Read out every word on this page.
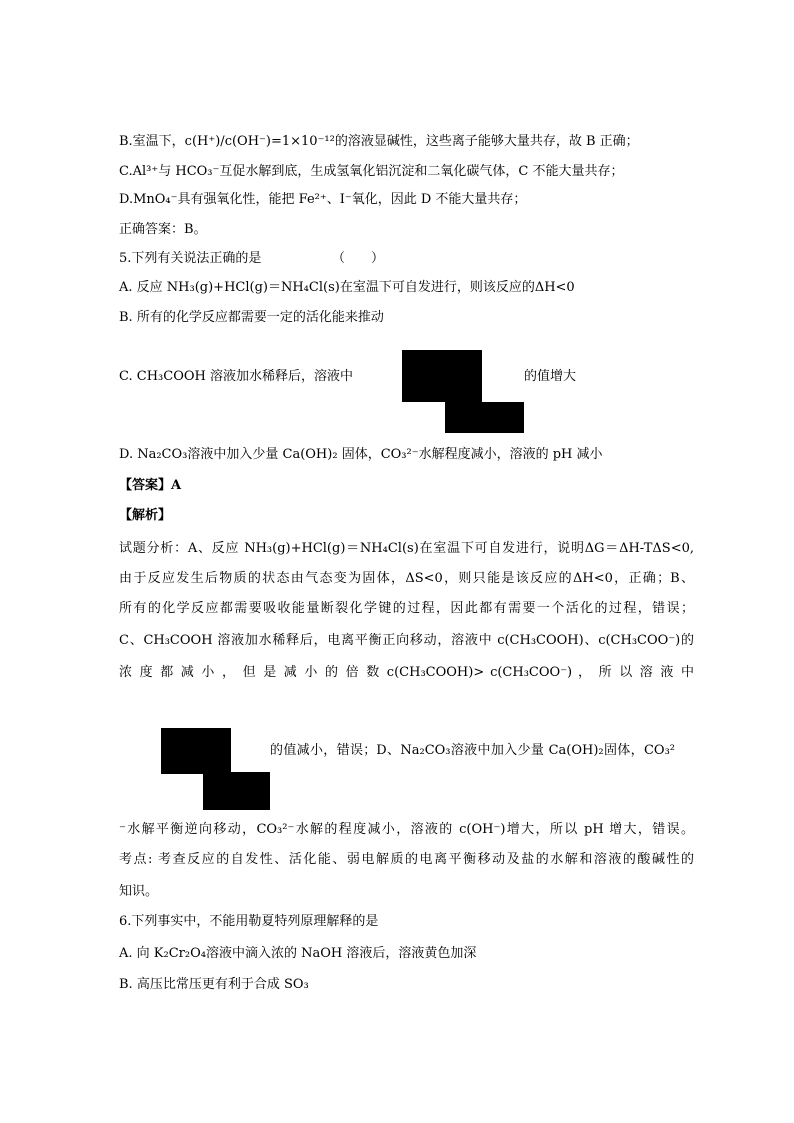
B.室温下，c(H⁺)/c(OH⁻)=1×10⁻¹²的溶液显碱性，这些离子能够大量共存，故 B 正确；
C.Al³⁺与 HCO₃⁻互促水解到底，生成氢氧化铝沉淀和二氧化碳气体，C 不能大量共存；
D.MnO₄⁻具有强氧化性，能把 Fe²⁺、I⁻氧化，因此 D 不能大量共存；
正确答案：B。
5.下列有关说法正确的是	（　　）
A. 反应 NH₃(g)+HCl(g)＝NH₄Cl(s)在室温下可自发进行，则该反应的ΔH<0
B. 所有的化学反应都需要一定的活化能来推动
C. CH₃COOH 溶液加水稀释后，溶液中	的值增大
D. Na₂CO₃溶液中加入少量 Ca(OH)₂ 固体，CO₃²⁻水解程度减小，溶液的 pH 减小
【答案】A
【解析】
试题分析：A、反应 NH₃(g)+HCl(g)＝NH₄Cl(s)在室温下可自发进行，说明ΔG＝ΔH-TΔS<0,
由于反应发生后物质的状态由气态变为固体，ΔS<0，则只能是该反应的ΔH<0，正确；B、
所有的化学反应都需要吸收能量断裂化学键的过程，因此都有需要一个活化的过程，错误；
C、CH₃COOH 溶液加水稀释后，电离平衡正向移动，溶液中 c(CH₃COOH)、c(CH₃COO⁻)的
浓 度 都 减 小 ， 但 是 减 小 的 倍 数 c(CH₃COOH)> c(CH₃COO⁻) ， 所 以 溶 液 中
的值减小，错误；D、Na₂CO₃溶液中加入少量 Ca(OH)₂固体，CO₃²
⁻水解平衡逆向移动，CO₃²⁻水解的程度减小，溶液的 c(OH⁻)增大，所以 pH 增大，错误。
考点: 考查反应的自发性、活化能、弱电解质的电离平衡移动及盐的水解和溶液的酸碱性的
知识。
6.下列事实中，不能用勒夏特列原理解释的是
A. 向 K₂Cr₂O₄溶液中滴入浓的 NaOH 溶液后，溶液黄色加深
B. 高压比常压更有利于合成 SO₃
